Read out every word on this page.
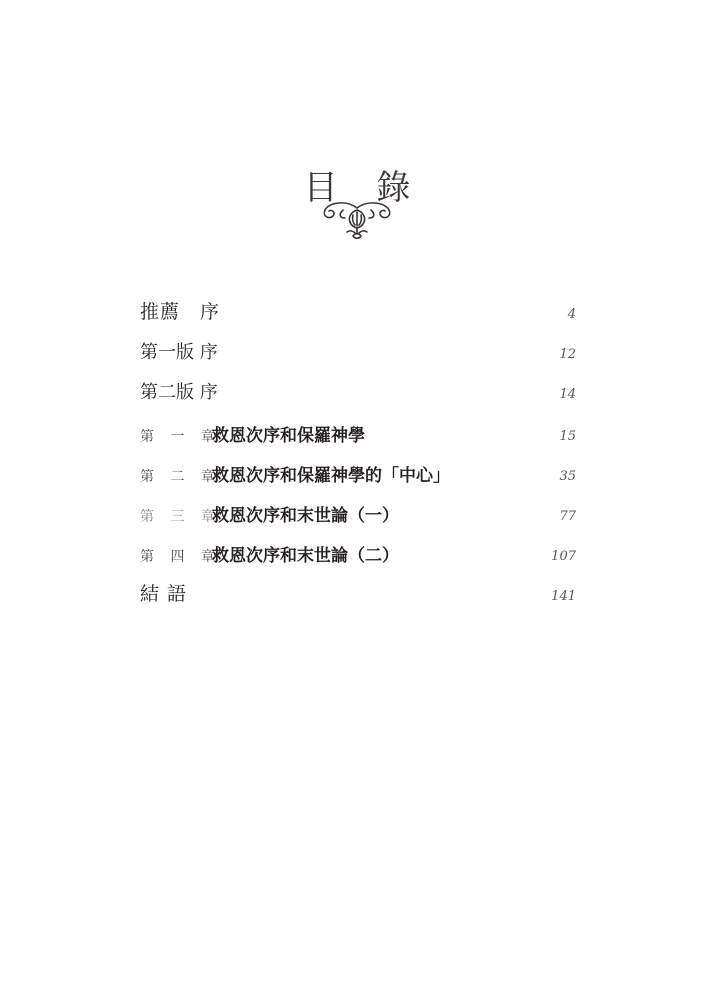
目 錄
推薦　序	4
第一版 序	12
第二版 序	14
第 一 章救恩次序和保羅神學	15
第 二 章救恩次序和保羅神學的「中心」	35
第 三 章救恩次序和末世論（一）	77
第 四 章救恩次序和末世論（二）	107
結 語	141
